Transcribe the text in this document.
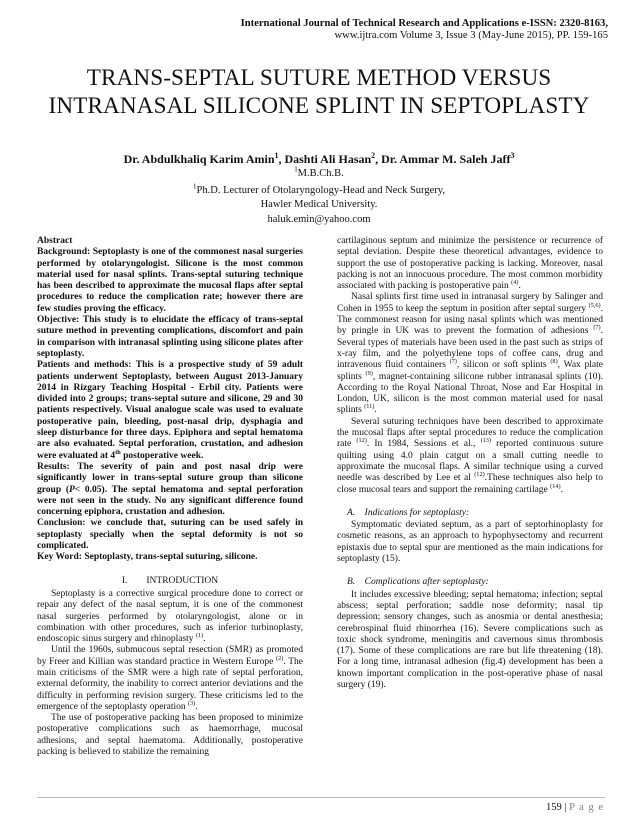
International Journal of Technical Research and Applications e-ISSN: 2320-8163,
www.ijtra.com Volume 3, Issue 3 (May-June 2015), PP. 159-165
TRANS-SEPTAL SUTURE METHOD VERSUS INTRANASAL SILICONE SPLINT IN SEPTOPLASTY
Dr. Abdulkhaliq Karim Amin$^1$, Dashti Ali Hasan$^2$, Dr. Ammar M. Saleh Jaff$^3$
$^1$M.B.Ch.B.
$^1$Ph.D. Lecturer of Otolaryngology-Head and Neck Surgery,
Hawler Medical University.
haluk.emin@yahoo.com

Abstract

Background: Septoplasty is one of the commonest nasal surgeries performed by otolaryngologist. Silicone is the most common material used for nasal splints. Trans-septal suturing technique has been described to approximate the mucosal flaps after septal procedures to reduce the complication rate; however there are few studies proving the efficacy.

Objective: This study is to elucidate the efficacy of trans-septal suture method in preventing complications, discomfort and pain in comparison with intranasal splinting using silicone plates after septoplasty.

Patients and methods: This is a prospective study of 59 adult patients underwent Septoplasty, between August 2013-January 2014 in Rizgary Teaching Hospital - Erbil city. Patients were divided into 2 groups; trans-septal suture and silicone, 29 and 30 patients respectively. Visual analogue scale was used to evaluate postoperative pain, bleeding, post-nasal drip, dysphagia and sleep disturbance for three days. Epiphora and septal hematoma are also evaluated. Septal perforation, crustation, and adhesion were evaluated at 4th postoperative week.

Results: The severity of pain and post nasal drip were significantly lower in trans-septal suture group than silicone group (P< 0.05). The septal hematoma and septal perforation were not seen in the study. No any significant difference found concerning epiphora, crustation and adhesion.

Conclusion: we conclude that, suturing can be used safely in septoplasty specially when the septal deformity is not so complicated.

Key Word: Septoplasty, trans-septal suturing, silicone.

I.  INTRODUCTION

Septoplasty is a corrective surgical procedure done to correct or repair any defect of the nasal septum, it is one of the commonest nasal surgeries performed by otolaryngologist, alone or in combination with other procedures, such as inferior turbinoplasty, endoscopic sinus surgery and rhinoplasty $^{(1)}$.

Until the 1960s, submucous septal resection (SMR) as promoted by Freer and Killian was standard practice in Western Europe $^{(2)}$. The main criticisms of the SMR were a high rate of septal perforation, external deformity, the inability to correct anterior deviations and the difficulty in performing revision surgery. These criticisms led to the emergence of the septoplasty operation $^{(3)}$.

The use of postoperative packing has been proposed to minimize postoperative complications such as haemorrhage, mucosal adhesions, and septal haematoma. Additionally, postoperative packing is believed to stabilize the remaining

cartilaginous septum and minimize the persistence or recurrence of septal deviation. Despite these theoretical advantages, evidence to support the use of postoperative packing is lacking. Moreover, nasal packing is not an innocuous procedure. The most common morbidity associated with packing is postoperative pain $^{(4)}$.

Nasal splints first time used in intranasal surgery by Salinger and Cohen in 1955 to keep the septum in position after septal surgery $^{(5,6)}$. The commonest reason for using nasal splints which was mentioned by pringle in UK was to prevent the formation of adhesions $^{(7)}$. Several types of materials have been used in the past such as strips of x-ray film, and the polyethylene tops of coffee cans, drug and intravenous fluid containers $^{(7)}$, silicon or soft splints $^{(8)}$, Wax plate splints $^{(9)}$, magnet-containing silicone rubber intranasal splints (10). According to the Royal National Throat, Nose and Ear Hospital in London, UK, silicon is the most common material used for nasal splints $^{(11)}$.

Several suturing techniques have been described to approximate the mucosal flaps after septal procedures to reduce the complication rate $^{(12)}$. In 1984, Sessions et al., $^{(13)}$ reported continuous suture quilting using 4.0 plain catgut on a small cutting needle to approximate the mucosal flaps. A similar technique using a curved needle was described by Lee et al $^{(12)}$.These techniques also help to close mucosal tears and support the remaining cartilage $^{(14)}$.

A. Indications for septoplasty:

Symptomatic deviated septum, as a part of septorhinoplasty for cosmetic reasons, as an approach to hypophysectomy and recurrent epistaxis due to septal spur are mentioned as the main indications for septoplasty (15).

B. Complications after septoplasty:

It includes excessive bleeding; septal hematoma; infection; septal abscess; septal perforation; saddle nose deformity; nasal tip depression; sensory changes, such as anosmia or dental anesthesia; cerebrospinal fluid rhinorrhea (16). Severe complications such as toxic shock syndrome, meningitis and cavernous sinus thrombosis (17). Some of these complications are rare but life threatening (18). For a long time, intranasal adhesion (fig.4) development has been a known important complication in the post-operative phase of nasal surgery (19).

159 | P a g e
